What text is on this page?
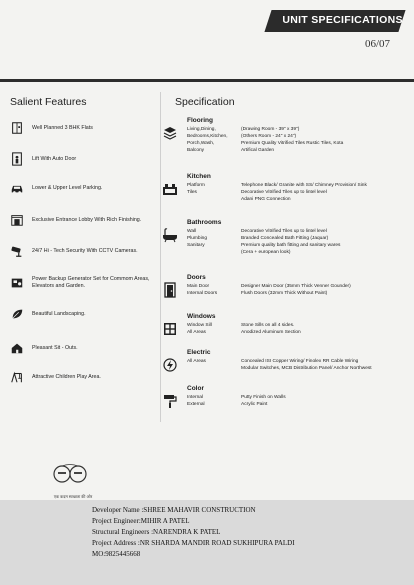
UNIT SPECIFICATIONS
06/07
Salient Features
Well Planned 3 BHK Flats
Lift With Auto Door
Lower & Upper Level Parking.
Exclusive Entrance Lobby With Rich Finishing.
24/7 Hi - Tech Security With CCTV Cameras.
Power Backup Generator Set for Commom Areas, Elevators and Garden.
Beautiful Landscaping.
Pleasant Sit - Outs.
Attractive Children Play Area.
Specification
Flooring
Living,Dining,	(Drawing Room - 39" x 39")
Bedrooms,Kitchen,	(Others Room - 24" x 24")
Porch,Wash,	Premium Quality Vitrified Tiles Rustic Tiles, Kota
Balcony	Artifical Garden
Kitchen
Platform	Telephone Black/ Granite with SS/ Chimney Provision/ Sink
Tiles	Decorative Vitrified Tiles up to lintel level
Adani PNG Connection
Bathrooms
Wall	Decorative Vitrified Tiles up to lintel level
Plumbing	Branded Concealed Bath Fitting (Jaquar)
Sanitary	Premium quality bath fitting and sanitary wares
(Cera + european look)
Doors
Main Door	Designer Main Door (35mm Thick Venner Gounder)
Internal Doors	Flush Doors (32mm Thick Without Paint)
Windows
Window Sill	Stone Sills on all 4 sides.
All Areas	Anodized Aluminum Section
Electric
All Areas	Concealed ISI Copper Wiring/ Finolex RR Cable Wiring
Modular Switches, MCB Distribution Panel/ Anchor Northwest
Color
Internal	Putty Finish on Walls
External	Acrylic Paint
एक कदम स्वच्छता की ओर
Developer Name :SHREE MAHAVIR CONSTRUCTION
Project Engineer:MIHIR A PATEL
Structural Engineers :NARENDRA K PATEL
Project Address :NR SHARDA MANDIR ROAD SUKHIPURA PALDI
MO:9825445668
